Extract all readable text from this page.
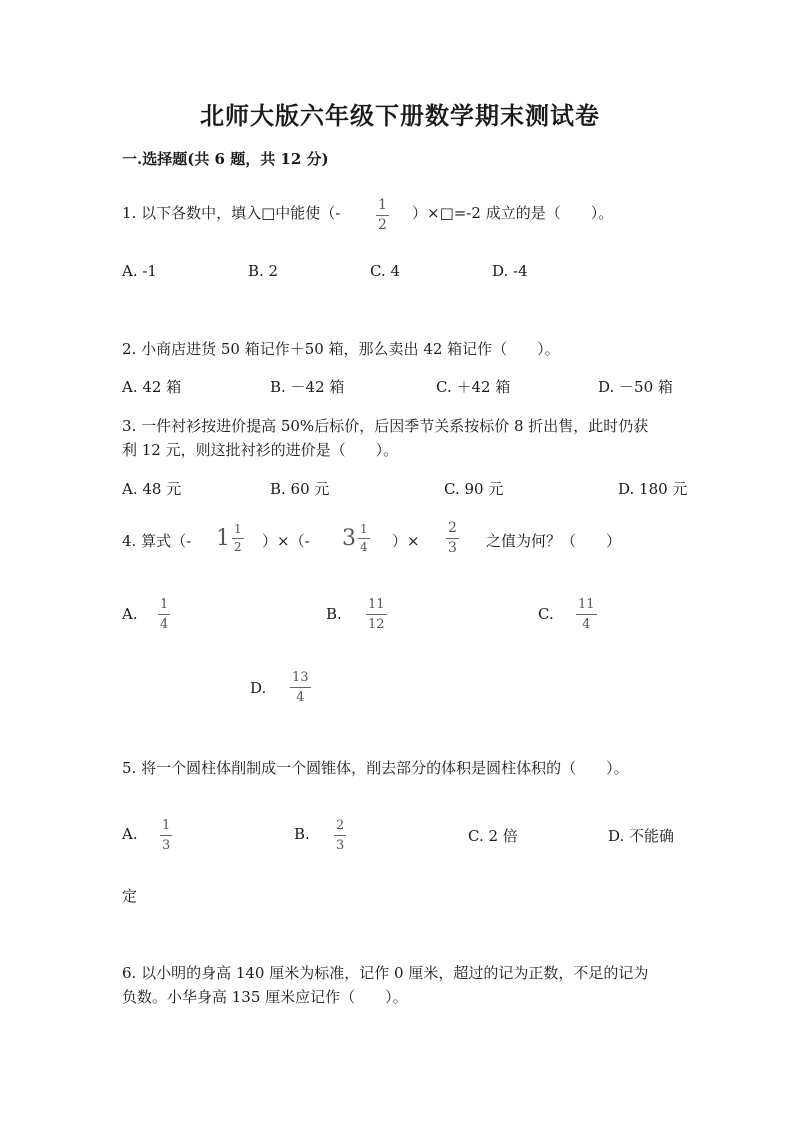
北师大版六年级下册数学期末测试卷
一.选择题(共 6 题，共 12 分)
1. 以下各数中，填入□中能使（-	1
2
）×□=-2 成立的是（　　）。
A. -1	B. 2	C. 4	D. -4
2. 小商店进货 50 箱记作＋50 箱，那么卖出 42 箱记作（　　）。
A. 42 箱	B. －42 箱	C. ＋42 箱	D. －50 箱
3. 一件衬衫按进价提高 50%后标价，后因季节关系按标价 8 折出售，此时仍获
利 12 元，则这批衬衫的进价是（　　）。
A. 48 元	B. 60 元	C. 90 元	D. 180 元
4. 算式（- $1 \frac{1}{2}$ ）×（- $3 \frac{1}{4}$ ）×
2
3 之值为何？（　　）
A.
1
4
B.
11
12
C.
11
4
D.
13
4
5. 将一个圆柱体削制成一个圆锥体，削去部分的体积是圆柱体积的（　　）。
A. 1
3
B. 2
3
C. 2 倍	D. 不能确
定
6. 以小明的身高 140 厘米为标准，记作 0 厘米，超过的记为正数，不足的记为
负数。小华身高 135 厘米应记作（　　）。
